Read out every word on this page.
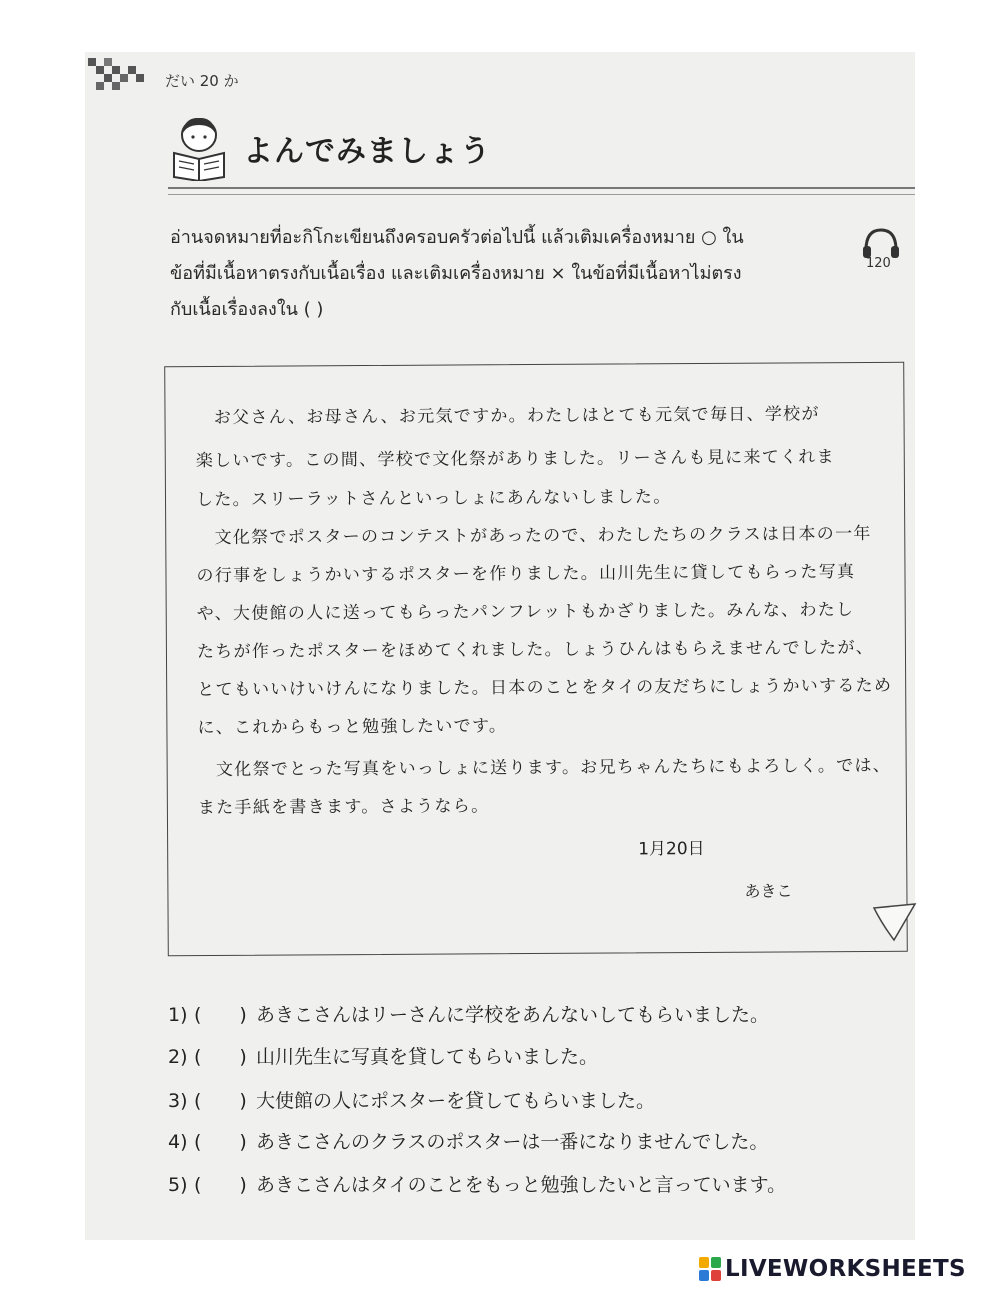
だい 20 か
よんでみましょう
อ่านจดหมายที่อะกิโกะเขียนถึงครอบครัวต่อไปนี้ แล้วเติมเครื่องหมาย ○ ใน
ข้อที่มีเนื้อหาตรงกับเนื้อเรื่อง และเติมเครื่องหมาย × ในข้อที่มีเนื้อหาไม่ตรง
กับเนื้อเรื่องลงใน ( )
120
　お父さん、お母さん、お元気ですか。わたしはとても元気で毎日、学校が
楽しいです。この間、学校で文化祭がありました。リーさんも見に来てくれま
した。スリーラットさんといっしょにあんないしました。
　文化祭でポスターのコンテストがあったので、わたしたちのクラスは日本の一年
の行事をしょうかいするポスターを作りました。山川先生に貸してもらった写真
や、大使館の人に送ってもらったパンフレットもかざりました。みんな、わたし
たちが作ったポスターをほめてくれました。しょうひんはもらえませんでしたが、
とてもいいけいけんになりました。日本のことをタイの友だちにしょうかいするため
に、これからもっと勉強したいです。
　文化祭でとった写真をいっしょに送ります。お兄ちゃんたちにもよろしく。では、
また手紙を書きます。さようなら。
1月20日
あきこ
1) (　　) あきこさんはリーさんに学校をあんないしてもらいました。
2) (　　) 山川先生に写真を貸してもらいました。
3) (　　) 大使館の人にポスターを貸してもらいました。
4) (　　) あきこさんのクラスのポスターは一番になりませんでした。
5) (　　) あきこさんはタイのことをもっと勉強したいと言っています。
LIVEWORKSHEETS
